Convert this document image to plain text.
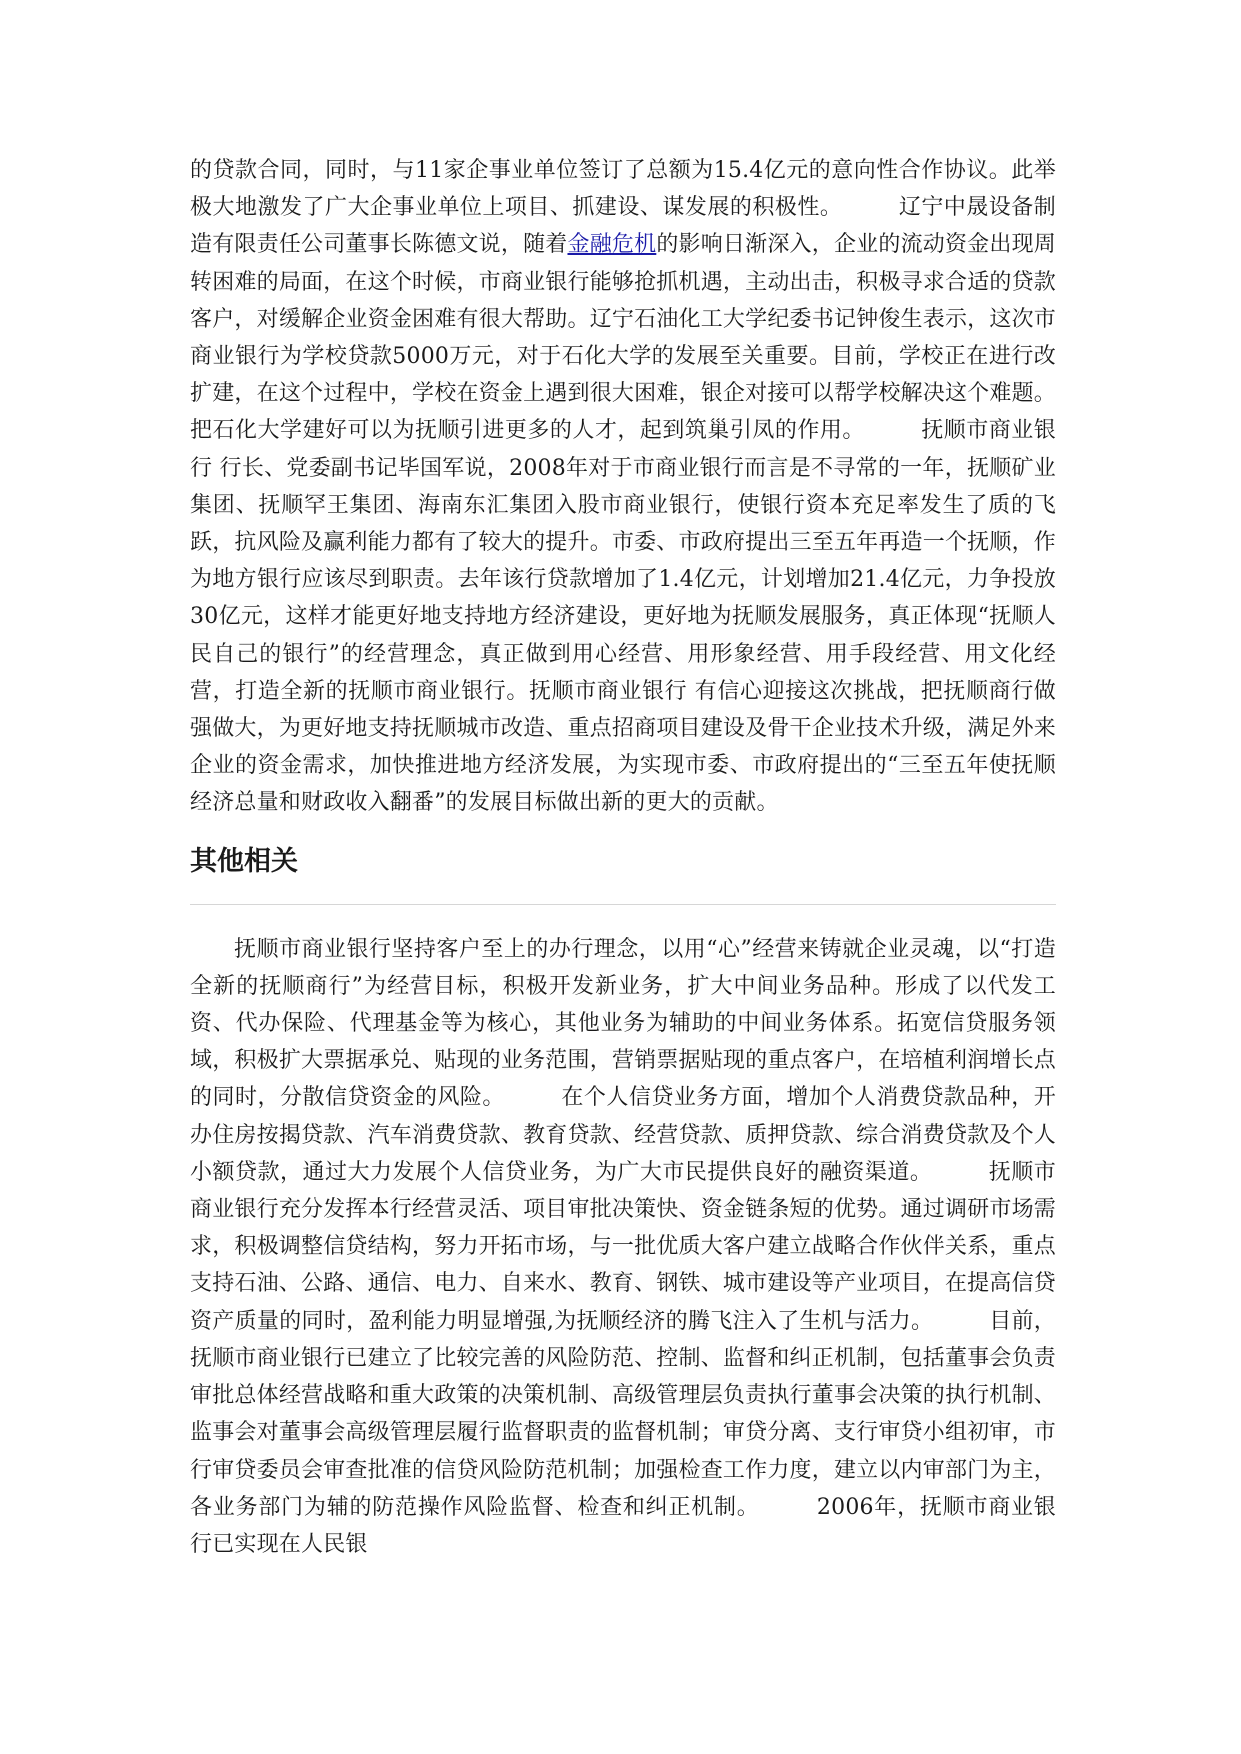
的贷款合同，同时，与11家企事业单位签订了总额为15.4亿元的意向性合作协议。此举极大地激发了广大企事业单位上项目、抓建设、谋发展的积极性。　　　辽宁中晟设备制造有限责任公司董事长陈德文说，随着金融危机的影响日渐深入，企业的流动资金出现周转困难的局面，在这个时候，市商业银行能够抢抓机遇，主动出击，积极寻求合适的贷款客户，对缓解企业资金困难有很大帮助。辽宁石油化工大学纪委书记钟俊生表示，这次市商业银行为学校贷款5000万元，对于石化大学的发展至关重要。目前，学校正在进行改扩建，在这个过程中，学校在资金上遇到很大困难，银企对接可以帮学校解决这个难题。把石化大学建好可以为抚顺引进更多的人才，起到筑巢引凤的作用。　　　抚顺市商业银行 行长、党委副书记毕国军说，2008年对于市商业银行而言是不寻常的一年，抚顺矿业集团、抚顺罕王集团、海南东汇集团入股市商业银行，使银行资本充足率发生了质的飞跃，抗风险及赢利能力都有了较大的提升。市委、市政府提出三至五年再造一个抚顺，作为地方银行应该尽到职责。去年该行贷款增加了1.4亿元，计划增加21.4亿元，力争投放30亿元，这样才能更好地支持地方经济建设，更好地为抚顺发展服务，真正体现“抚顺人民自己的银行”的经营理念，真正做到用心经营、用形象经营、用手段经营、用文化经营，打造全新的抚顺市商业银行。抚顺市商业银行 有信心迎接这次挑战，把抚顺商行做强做大，为更好地支持抚顺城市改造、重点招商项目建设及骨干企业技术升级，满足外来企业的资金需求，加快推进地方经济发展，为实现市委、市政府提出的“三至五年使抚顺经济总量和财政收入翻番”的发展目标做出新的更大的贡献。

其他相关

抚顺市商业银行坚持客户至上的办行理念，以用“心”经营来铸就企业灵魂，以“打造全新的抚顺商行”为经营目标，积极开发新业务，扩大中间业务品种。形成了以代发工资、代办保险、代理基金等为核心，其他业务为辅助的中间业务体系。拓宽信贷服务领域，积极扩大票据承兑、贴现的业务范围，营销票据贴现的重点客户，在培植利润增长点的同时，分散信贷资金的风险。　　　在个人信贷业务方面，增加个人消费贷款品种，开办住房按揭贷款、汽车消费贷款、教育贷款、经营贷款、质押贷款、综合消费贷款及个人小额贷款，通过大力发展个人信贷业务，为广大市民提供良好的融资渠道。　　　抚顺市商业银行充分发挥本行经营灵活、项目审批决策快、资金链条短的优势。通过调研市场需求，积极调整信贷结构，努力开拓市场，与一批优质大客户建立战略合作伙伴关系，重点支持石油、公路、通信、电力、自来水、教育、钢铁、城市建设等产业项目，在提高信贷资产质量的同时，盈利能力明显增强,为抚顺经济的腾飞注入了生机与活力。　　　目前，抚顺市商业银行已建立了比较完善的风险防范、控制、监督和纠正机制，包括董事会负责审批总体经营战略和重大政策的决策机制、高级管理层负责执行董事会决策的执行机制、监事会对董事会高级管理层履行监督职责的监督机制；审贷分离、支行审贷小组初审，市行审贷委员会审查批准的信贷风险防范机制；加强检查工作力度，建立以内审部门为主，各业务部门为辅的防范操作风险监督、检查和纠正机制。　　　2006年，抚顺市商业银行已实现在人民银
